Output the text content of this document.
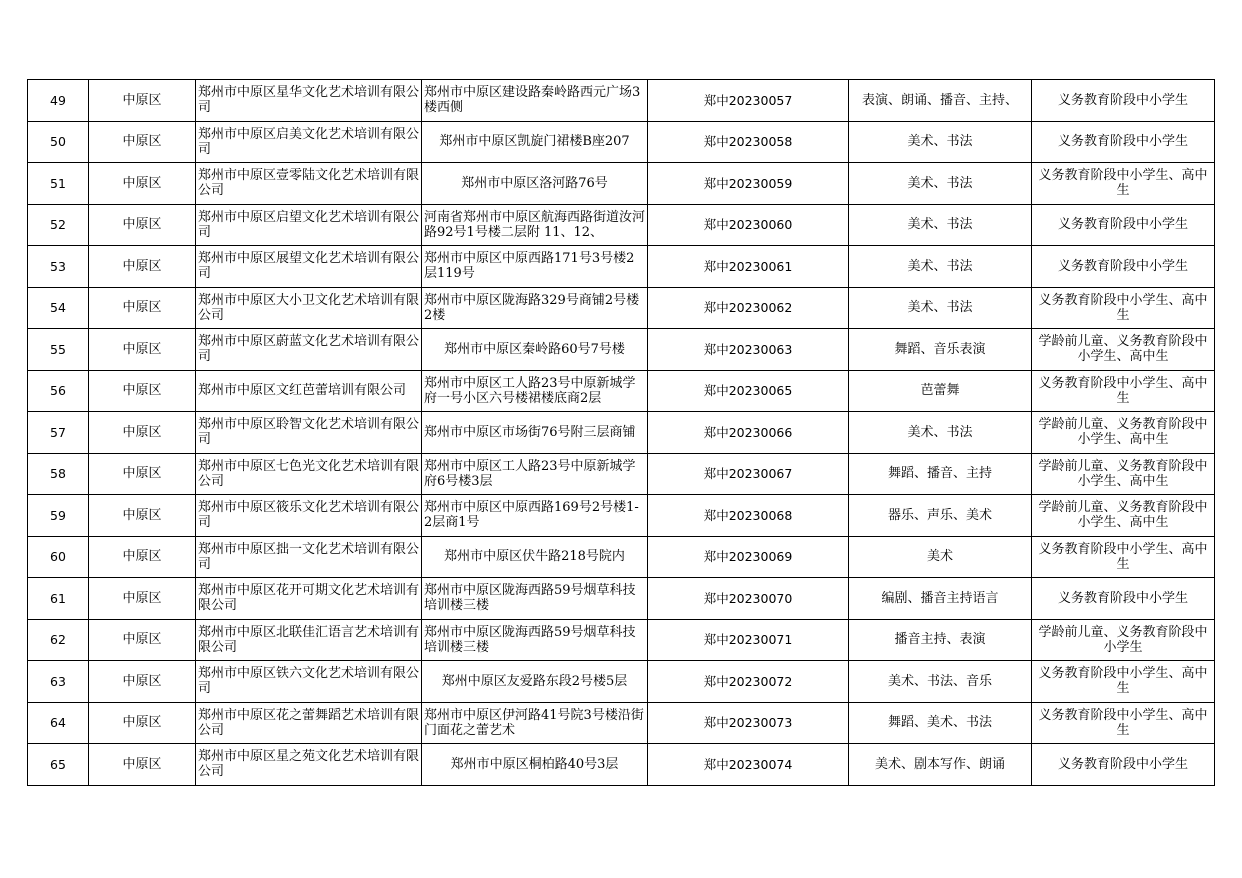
49	中原区	郑州市中原区星华文化艺术培训有限公司	郑州市中原区建设路秦岭路西元广场3楼西侧	郑中20230057	表演、朗诵、播音、主持、	义务教育阶段中小学生
50	中原区	郑州市中原区启美文化艺术培训有限公司	郑州市中原区凯旋门裙楼B座207	郑中20230058	美术、书法	义务教育阶段中小学生
51	中原区	郑州市中原区壹零陆文化艺术培训有限公司	郑州市中原区洛河路76号	郑中20230059	美术、书法	义务教育阶段中小学生、高中生
52	中原区	郑州市中原区启望文化艺术培训有限公司	河南省郑州市中原区航海西路街道汝河路92号1号楼二层附 11、12、	郑中20230060	美术、书法	义务教育阶段中小学生
53	中原区	郑州市中原区展望文化艺术培训有限公司	郑州市中原区中原西路171号3号楼2层119号	郑中20230061	美术、书法	义务教育阶段中小学生
54	中原区	郑州市中原区大小卫文化艺术培训有限公司	郑州市中原区陇海路329号商铺2号楼2楼	郑中20230062	美术、书法	义务教育阶段中小学生、高中生
55	中原区	郑州市中原区蔚蓝文化艺术培训有限公司	郑州市中原区秦岭路60号7号楼	郑中20230063	舞蹈、音乐表演	学龄前儿童、义务教育阶段中小学生、高中生
56	中原区	郑州市中原区文红芭蕾培训有限公司	郑州市中原区工人路23号中原新城学府一号小区六号楼裙楼底商2层	郑中20230065	芭蕾舞	义务教育阶段中小学生、高中生
57	中原区	郑州市中原区聆智文化艺术培训有限公司	郑州市中原区市场街76号附三层商铺	郑中20230066	美术、书法	学龄前儿童、义务教育阶段中小学生、高中生
58	中原区	郑州市中原区七色光文化艺术培训有限公司	郑州市中原区工人路23号中原新城学府6号楼3层	郑中20230067	舞蹈、播音、主持	学龄前儿童、义务教育阶段中小学生、高中生
59	中原区	郑州市中原区筱乐文化艺术培训有限公司	郑州市中原区中原西路169号2号楼1-2层商1号	郑中20230068	器乐、声乐、美术	学龄前儿童、义务教育阶段中小学生、高中生
60	中原区	郑州市中原区拙一文化艺术培训有限公司	郑州市中原区伏牛路218号院内	郑中20230069	美术	义务教育阶段中小学生、高中生
61	中原区	郑州市中原区花开可期文化艺术培训有限公司	郑州市中原区陇海西路59号烟草科技培训楼三楼	郑中20230070	编剧、播音主持语言	义务教育阶段中小学生
62	中原区	郑州市中原区北联佳汇语言艺术培训有限公司	郑州市中原区陇海西路59号烟草科技培训楼三楼	郑中20230071	播音主持、表演	学龄前儿童、义务教育阶段中小学生
63	中原区	郑州市中原区铁六文化艺术培训有限公司	郑州中原区友爱路东段2号楼5层	郑中20230072	美术、书法、音乐	义务教育阶段中小学生、高中生
64	中原区	郑州市中原区花之蕾舞蹈艺术培训有限公司	郑州市中原区伊河路41号院3号楼沿街门面花之蕾艺术	郑中20230073	舞蹈、美术、书法	义务教育阶段中小学生、高中生
65	中原区	郑州市中原区星之苑文化艺术培训有限公司	郑州市中原区桐柏路40号3层	郑中20230074	美术、剧本写作、朗诵	义务教育阶段中小学生
